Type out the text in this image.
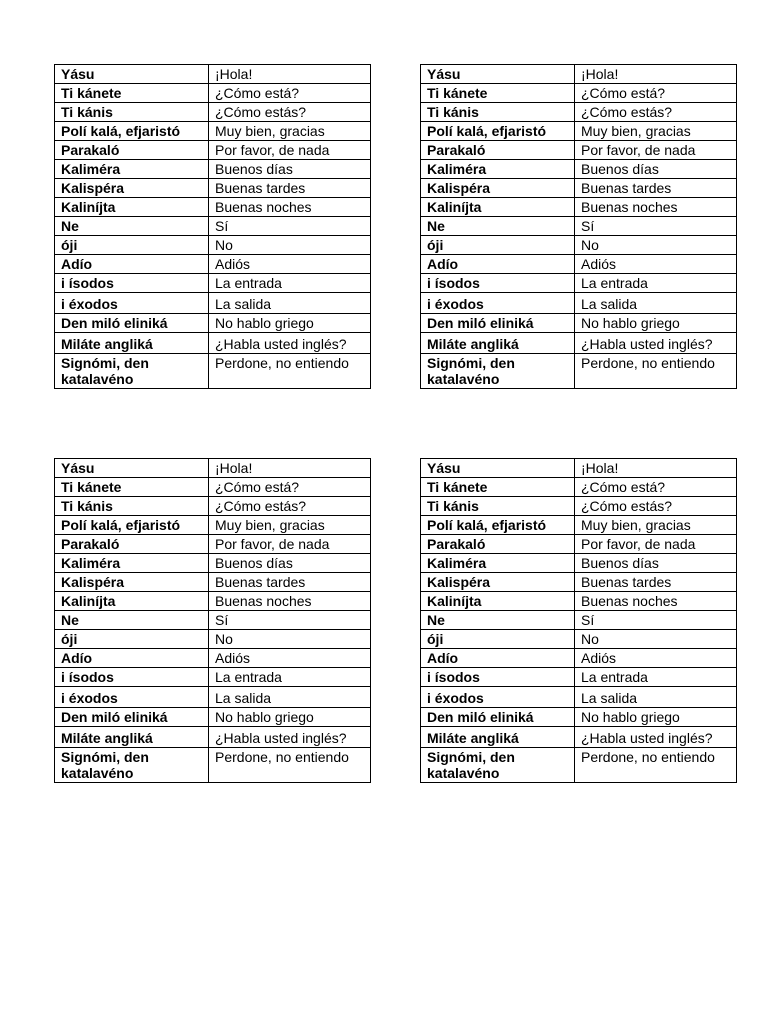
Yásu	¡Hola!
Ti kánete	¿Cómo está?
Ti kánis	¿Cómo estás?
Polí kalá, efjaristó	Muy bien, gracias
Parakaló	Por favor, de nada
Kaliméra	Buenos días
Kalispéra	Buenas tardes
Kaliníjta	Buenas noches
Ne	Sí
óji	No
Adío	Adiós
i ísodos	La entrada
i éxodos	La salida
Den miló eliniká	No hablo griego
Miláte angliká	¿Habla usted inglés?
Signómi, den katalavéno	Perdone, no entiendo
Yásu	¡Hola!
Ti kánete	¿Cómo está?
Ti kánis	¿Cómo estás?
Polí kalá, efjaristó	Muy bien, gracias
Parakaló	Por favor, de nada
Kaliméra	Buenos días
Kalispéra	Buenas tardes
Kaliníjta	Buenas noches
Ne	Sí
óji	No
Adío	Adiós
i ísodos	La entrada
i éxodos	La salida
Den miló eliniká	No hablo griego
Miláte angliká	¿Habla usted inglés?
Signómi, den katalavéno	Perdone, no entiendo
Yásu	¡Hola!
Ti kánete	¿Cómo está?
Ti kánis	¿Cómo estás?
Polí kalá, efjaristó	Muy bien, gracias
Parakaló	Por favor, de nada
Kaliméra	Buenos días
Kalispéra	Buenas tardes
Kaliníjta	Buenas noches
Ne	Sí
óji	No
Adío	Adiós
i ísodos	La entrada
i éxodos	La salida
Den miló eliniká	No hablo griego
Miláte angliká	¿Habla usted inglés?
Signómi, den katalavéno	Perdone, no entiendo
Yásu	¡Hola!
Ti kánete	¿Cómo está?
Ti kánis	¿Cómo estás?
Polí kalá, efjaristó	Muy bien, gracias
Parakaló	Por favor, de nada
Kaliméra	Buenos días
Kalispéra	Buenas tardes
Kaliníjta	Buenas noches
Ne	Sí
óji	No
Adío	Adiós
i ísodos	La entrada
i éxodos	La salida
Den miló eliniká	No hablo griego
Miláte angliká	¿Habla usted inglés?
Signómi, den katalavéno	Perdone, no entiendo
